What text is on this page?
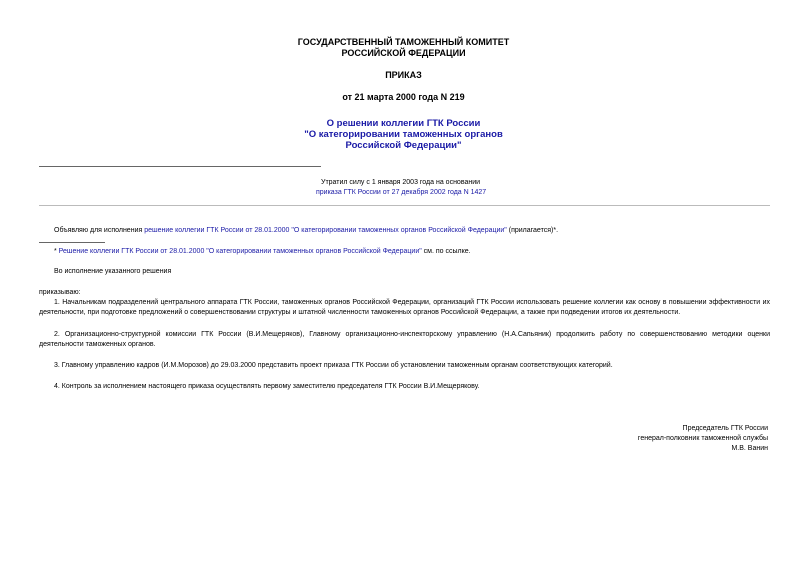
ГОСУДАРСТВЕННЫЙ ТАМОЖЕННЫЙ КОМИТЕТ
РОССИЙСКОЙ ФЕДЕРАЦИИ
ПРИКАЗ
от 21 марта 2000 года N 219
О решении коллегии ГТК России
"О категорировании таможенных органов
Российской Федерации"
Утратил силу с 1 января 2003 года на основании
приказа ГТК России от 27 декабря 2002 года N 1427
Объявляю для исполнения решение коллегии ГТК России от 28.01.2000 "О категорировании таможенных органов Российской Федерации" (прилагается)*.
* Решение коллегии ГТК России от 28.01.2000 "О категорировании таможенных органов Российской Федерации" см. по ссылке.
Во исполнение указанного решения
приказываю:
1. Начальникам подразделений центрального аппарата ГТК России, таможенных органов Российской Федерации, организаций ГТК России использовать решение коллегии как основу в повышении эффективности их деятельности, при подготовке предложений о совершенствовании структуры и штатной численности таможенных органов Российской Федерации, а также при подведении итогов их деятельности.
2. Организационно-структурной комиссии ГТК России (В.И.Мещеряков), Главному организационно-инспекторскому управлению (Н.А.Сапьяник) продолжить работу по совершенствованию методики оценки деятельности таможенных органов.
3. Главному управлению кадров (И.М.Морозов) до 29.03.2000 представить проект приказа ГТК России об установлении таможенным органам соответствующих категорий.
4. Контроль за исполнением настоящего приказа осуществлять первому заместителю председателя ГТК России В.И.Мещерякову.
Председатель ГТК России
генерал-полковник таможенной службы
М.В. Ванин
